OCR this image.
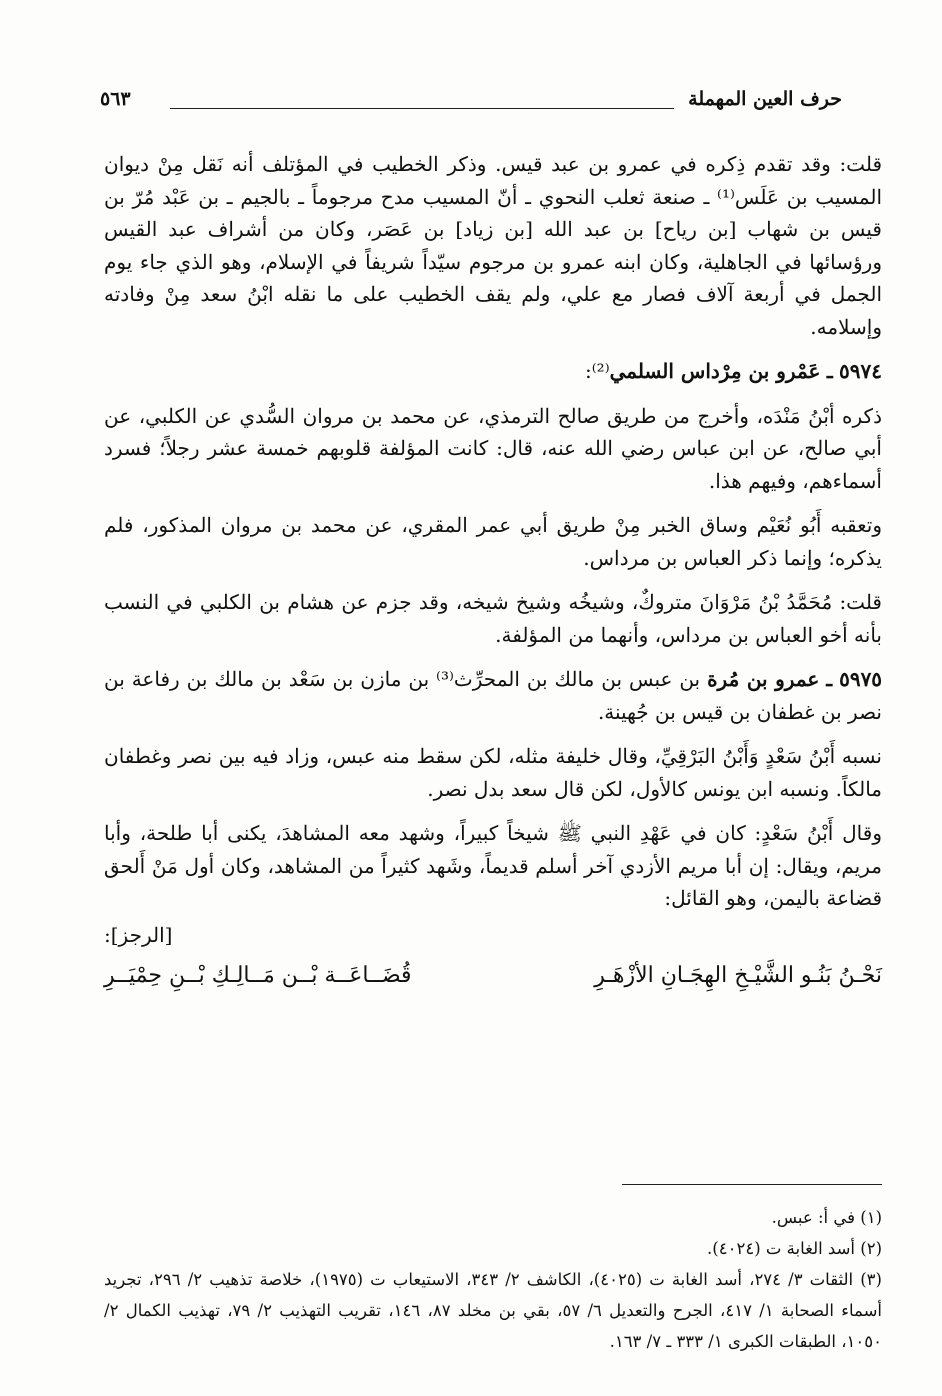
حرف العين المهملة
٥٦٣

قلت: وقد تقدم ذِكره في عمرو بن عبد قيس. وذكر الخطيب في المؤتلف أنه نَقل مِنْ ديوان المسيب بن عَلَس⁽¹⁾ ـ صنعة ثعلب النحوي ـ أنّ المسيب مدح مرجوماً ـ بالجيم ـ بن عَبْد مُرّ بن قيس بن شهاب [بن رياح] بن عبد الله [بن زياد] بن عَصَر، وكان من أشراف عبد القيس ورؤسائها في الجاهلية، وكان ابنه عمرو بن مرجوم سيّداً شريفاً في الإسلام، وهو الذي جاء يوم الجمل في أربعة آلاف فصار مع علي، ولم يقف الخطيب على ما نقله ابْنُ سعد مِنْ وفادته وإسلامه.

٥٩٧٤ ـ عَمْرو بن مِرْداس السلمي⁽²⁾:

ذكره أبْنُ مَنْدَه، وأخرج من طريق صالح الترمذي، عن محمد بن مروان السُّدي عن الكلبي، عن أبي صالح، عن ابن عباس رضي الله عنه، قال: كانت المؤلفة قلوبهم خمسة عشر رجلاً؛ فسرد أسماءهم، وفيهم هذا.

وتعقبه أَبُو نُعَيْم وساق الخبر مِنْ طريق أبي عمر المقري، عن محمد بن مروان المذكور، فلم يذكره؛ وإنما ذكر العباس بن مرداس.

قلت: مُحَمَّدُ بْنُ مَرْوَانَ متروكٌ، وشيخُه وشيخ شيخه، وقد جزم عن هشام بن الكلبي في النسب بأنه أخو العباس بن مرداس، وأنهما من المؤلفة.

٥٩٧٥ ـ عمرو بن مُرة بن عبس بن مالك بن المحرِّث⁽³⁾ بن مازن بن سَعْد بن مالك بن رفاعة بن نصر بن غطفان بن قيس بن جُهينة.

نسبه أَبْنُ سَعْدٍ وَأَبْنُ البَرْقِيِّ، وقال خليفة مثله، لكن سقط منه عبس، وزاد فيه بين نصر وغطفان مالكاً. ونسبه ابن يونس كالأول، لكن قال سعد بدل نصر.

وقال أَبْنُ سَعْدٍ: كان في عَهْدِ النبي ﷺ شيخاً كبيراً، وشهد معه المشاهدَ، يكنى أبا طلحة، وأبا مريم، ويقال: إن أبا مريم الأزدي آخر أسلم قديماً، وشَهد كثيراً من المشاهد، وكان أول مَنْ أَلحق قضاعة باليمن، وهو القائل:

[الرجز]:

نَحْـنُ بَنُـو الشَّيْـخِ الهِجَـانِ الأزْهَـرِ
قُضَــاعَــة بْــن مَــالِـكِ بْــنِ حِمْيَــرِ

(١) في أ: عبس.

(٢) أسد الغابة ت (٤٠٢٤).

(٣) الثقات ٣/ ٢٧٤، أسد الغابة ت (٤٠٢٥)، الكاشف ٢/ ٣٤٣، الاستيعاب ت (١٩٧٥)، خلاصة تذهيب ٢/ ٢٩٦، تجريد أسماء الصحابة ١/ ٤١٧، الجرح والتعديل ٦/ ٥٧، بقي بن مخلد ٨٧، ١٤٦، تقريب التهذيب ٢/ ٧٩، تهذيب الكمال ٢/ ١٠٥٠، الطبقات الكبرى ١/ ٣٣٣ ـ ٧/ ١٦٣.
